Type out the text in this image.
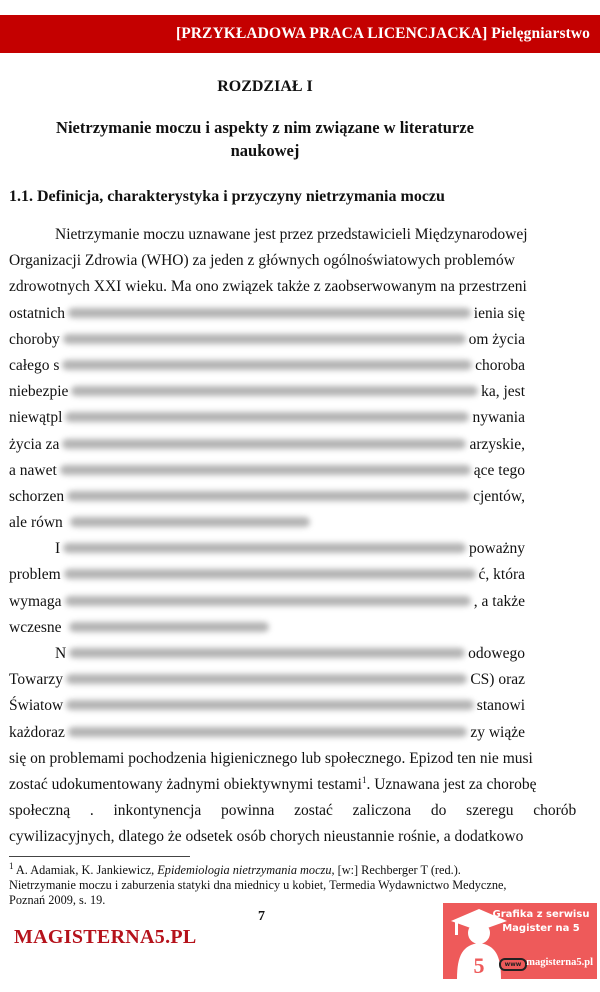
[PRZYKŁADOWA PRACA LICENCJACKA] Pielęgniarstwo
ROZDZIAŁ I
Nietrzymanie moczu i aspekty z nim związane w literaturze naukowej
1.1. Definicja, charakterystyka i przyczyny nietrzymania moczu
Nietrzymanie moczu uznawane jest przez przedstawicieli Międzynarodowej
Organizacji Zdrowia (WHO) za jeden z głównych ogólnoświatowych problemów
zdrowotnych XXI wieku. Ma ono związek także z zaobserwowanym na przestrzeni
ostatnich	ienia się
choroby	om życia
całego s	choroba
niebezpie	ka, jest
niewątpl	nywania
życia za	arzyskie,
a nawet	ące tego
schorzen	cjentów,
ale równ
I	poważny
problem	ć, która
wymaga	, a także
wczesne
N	odowego
Towarzy	CS) oraz
Światow	stanowi
każdoraz	zy wiąże
się on problemami pochodzenia higienicznego lub społecznego. Epizod ten nie musi
zostać udokumentowany żadnymi obiektywnymi testami$^1$. Uznawana jest za chorobę
społeczną  .  inkontynencja  powinna  zostać  zaliczona  do  szeregu  chorób
cywilizacyjnych, dlatego że odsetek osób chorych nieustannie rośnie, a dodatkowo
$^1$ A. Adamiak, K. Jankiewicz, Epidemiologia nietrzymania moczu, [w:] Rechberger T (red.).
Nietrzymanie moczu i zaburzenia statyki dna miednicy u kobiet, Termedia Wydawnictwo Medyczne,
Poznań 2009, s. 19.
7
MAGISTERNA5.PL
5
Grafika z serwisu
Magister na 5
www magisterna5.pl
